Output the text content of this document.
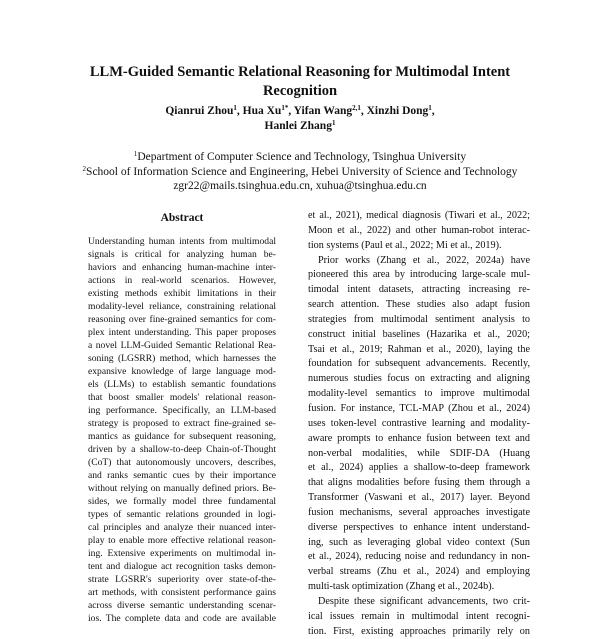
LLM-Guided Semantic Relational Reasoning for Multimodal Intent
Recognition
Qianrui Zhou$^1$, Hua $Xu^{1*}$, Yifan Wang$^{2,1}$, Xinzhi Dong$^1$,
Hanlei Zhang$^1$
$^1$Department of Computer Science and Technology, Tsinghua University
$^2$School of Information Science and Engineering, Hebei University of Science and Technology
zgr22@mails.tsinghua.edu.cn, xuhua@tsinghua.edu.cn
Abstract
Understanding human intents from multimodal
signals is critical for analyzing human be-
haviors and enhancing human-machine inter-
actions in real-world scenarios. However,
existing methods exhibit limitations in their
modality-level reliance, constraining relational
reasoning over fine-grained semantics for com-
plex intent understanding. This paper proposes
a novel LLM-Guided Semantic Relational Rea-
soning (LGSRR) method, which harnesses the
expansive knowledge of large language mod-
els (LLMs) to establish semantic foundations
that boost smaller models' relational reason-
ing performance. Specifically, an LLM-based
strategy is proposed to extract fine-grained se-
mantics as guidance for subsequent reasoning,
driven by a shallow-to-deep Chain-of-Thought
(CoT) that autonomously uncovers, describes,
and ranks semantic cues by their importance
without relying on manually defined priors. Be-
sides, we formally model three fundamental
types of semantic relations grounded in logi-
cal principles and analyze their nuanced inter-
play to enable more effective relational reason-
ing. Extensive experiments on multimodal in-
tent and dialogue act recognition tasks demon-
strate LGSRR's superiority over state-of-the-
art methods, with consistent performance gains
across diverse semantic understanding scenar-
ios. The complete data and code are available
et al., 2021), medical diagnosis (Tiwari et al., 2022;
Moon et al., 2022) and other human-robot interac-
tion systems (Paul et al., 2022; Mi et al., 2019).
Prior works (Zhang et al., 2022, 2024a) have
pioneered this area by introducing large-scale mul-
timodal intent datasets, attracting increasing re-
search attention. These studies also adapt fusion
strategies from multimodal sentiment analysis to
construct initial baselines (Hazarika et al., 2020;
Tsai et al., 2019; Rahman et al., 2020), laying the
foundation for subsequent advancements. Recently,
numerous studies focus on extracting and aligning
modality-level semantics to improve multimodal
fusion. For instance, TCL-MAP (Zhou et al., 2024)
uses token-level contrastive learning and modality-
aware prompts to enhance fusion between text and
non-verbal modalities, while SDIF-DA (Huang
et al., 2024) applies a shallow-to-deep framework
that aligns modalities before fusing them through a
Transformer (Vaswani et al., 2017) layer. Beyond
fusion mechanisms, several approaches investigate
diverse perspectives to enhance intent understand-
ing, such as leveraging global video context (Sun
et al., 2024), reducing noise and redundancy in non-
verbal streams (Zhu et al., 2024) and employing
multi-task optimization (Zhang et al., 2024b).
Despite these significant advancements, two crit-
ical issues remain in multimodal intent recogni-
tion. First, existing approaches primarily rely on
